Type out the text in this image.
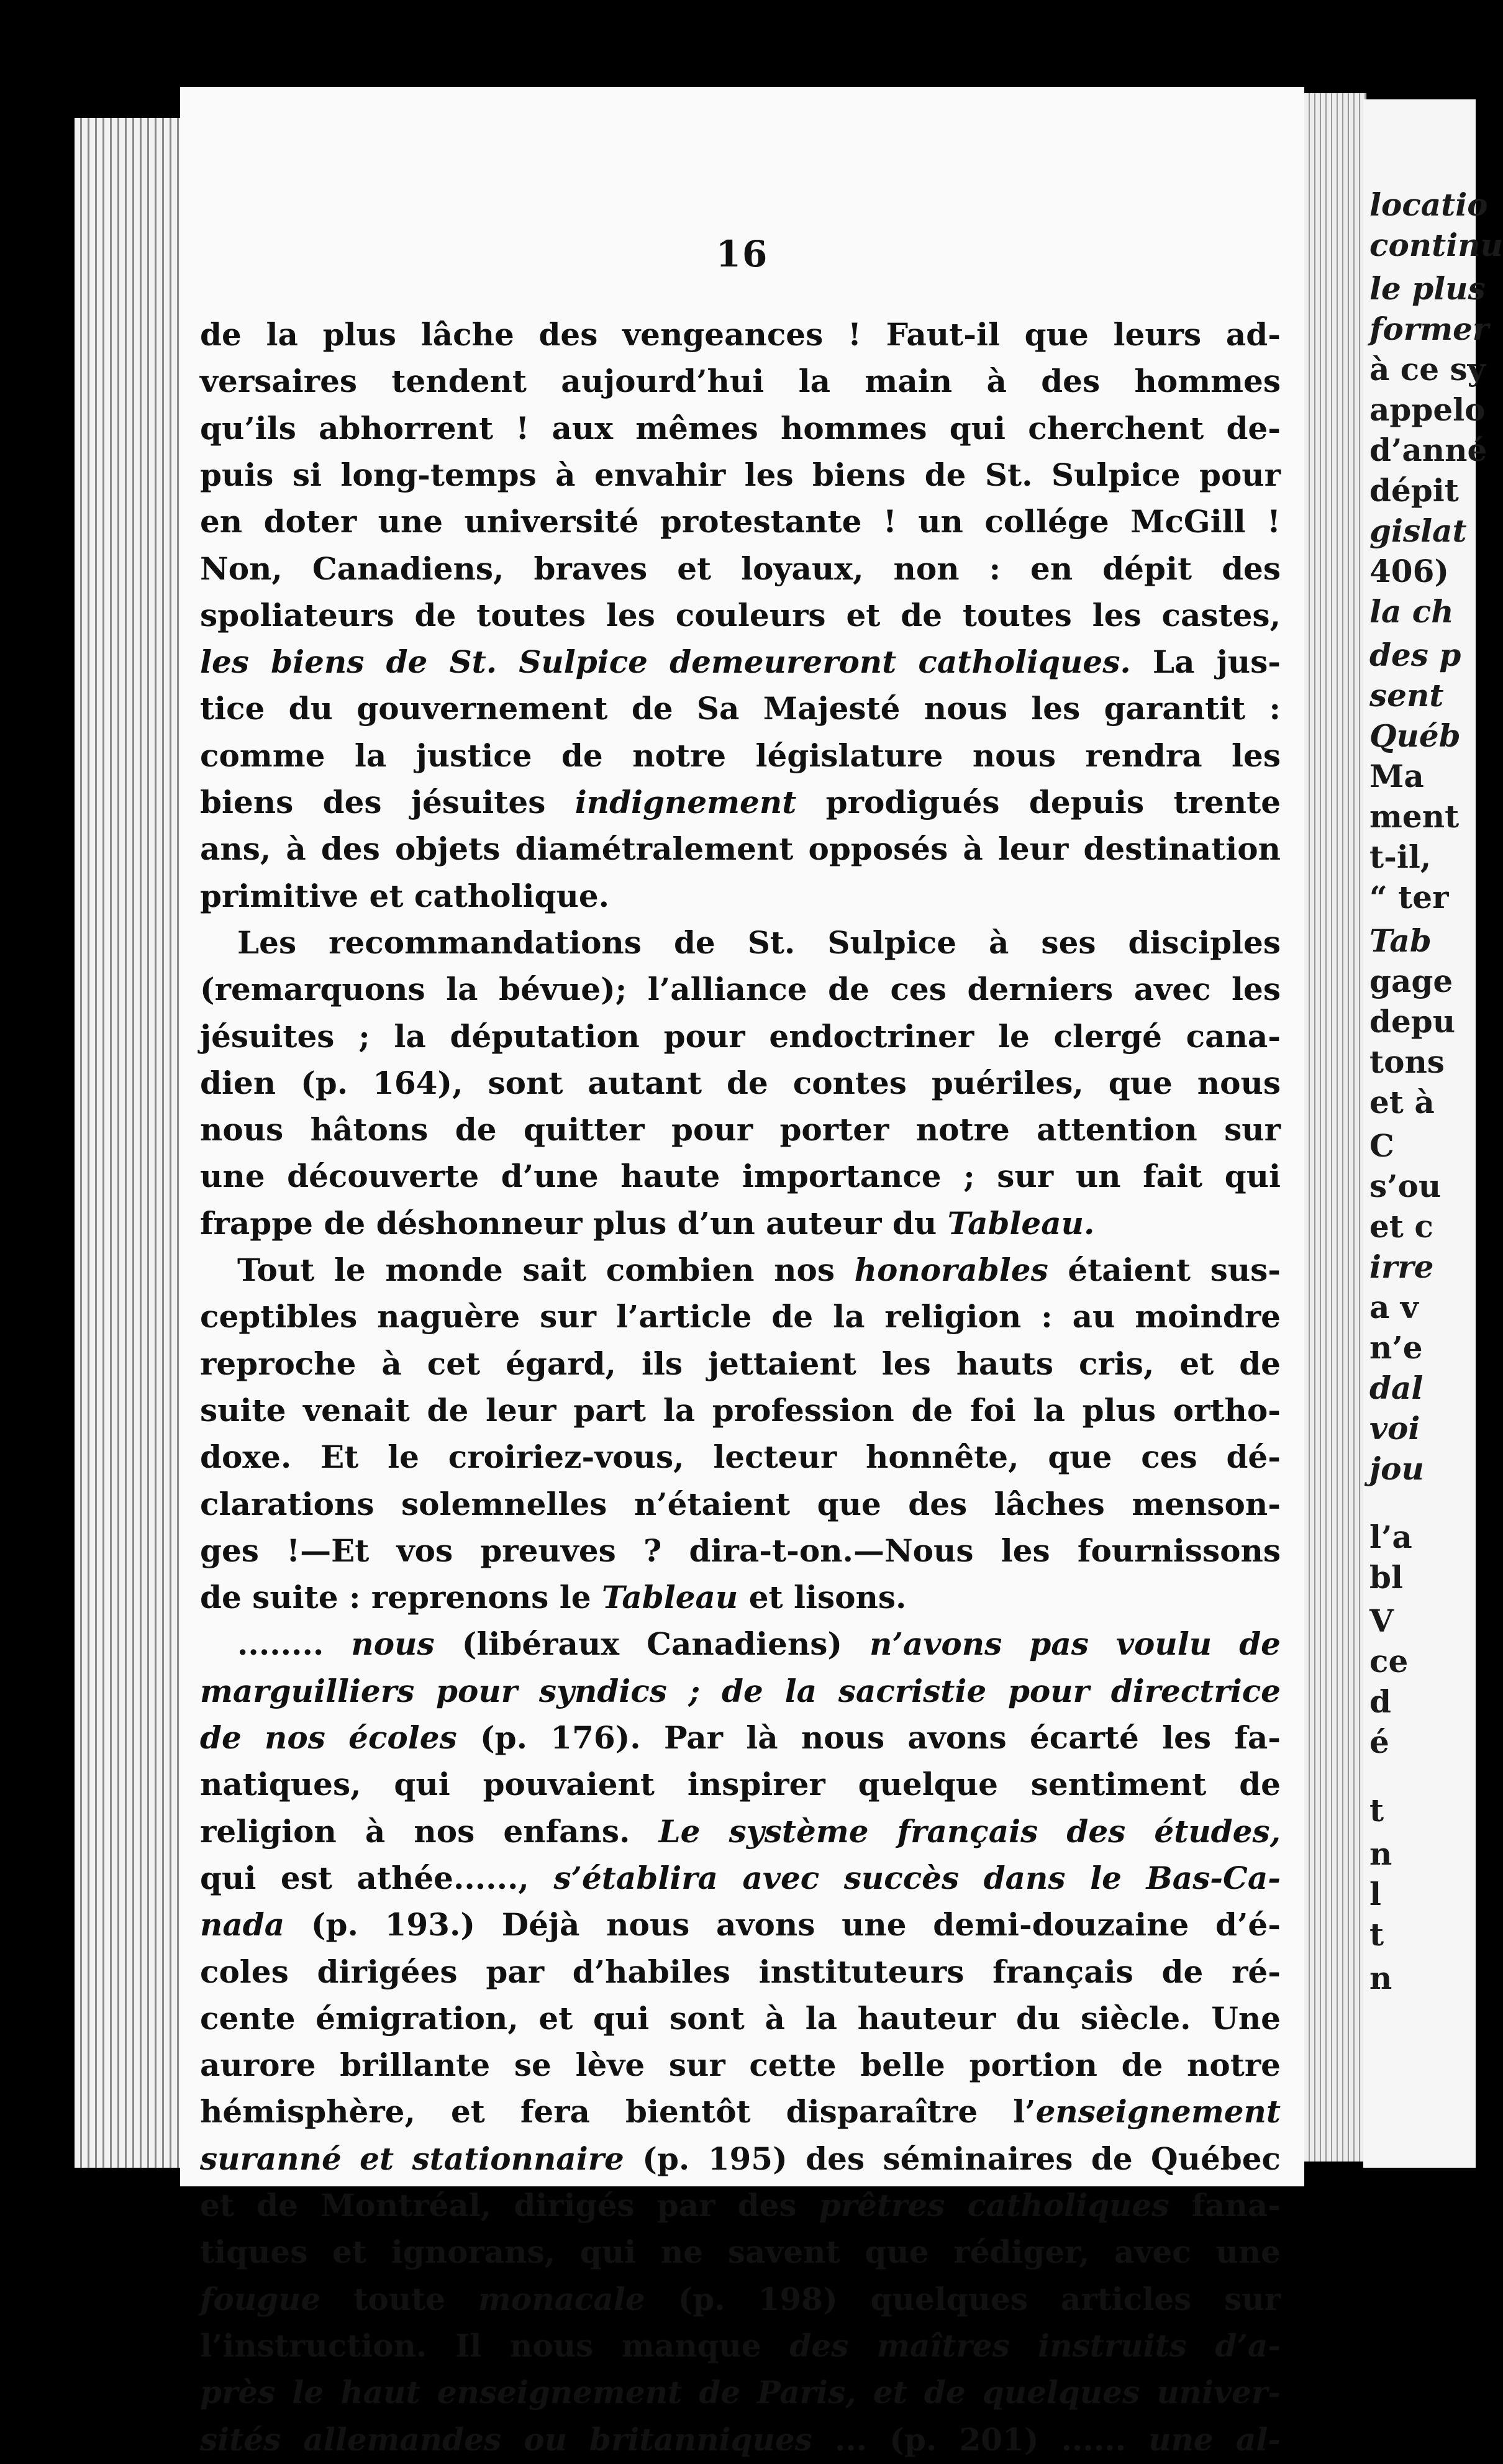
locatio
continu
le plus
former
à ce sy
appelo
d’anné
dépit
gislat
406)
la ch
des p
sent
Québ
Ma
ment
t-il,
“ ter
Tab
gage
depu
tons
et à
C
s’ou
et c
irre
a v
n’e
dal
voi
jou
l’a
bl
V
ce
d
é
t
n
l
t
n
16
de la plus lâche des vengeances ! Faut-il que leurs ad-
versaires tendent aujourd’hui la main à des hommes
qu’ils abhorrent ! aux mêmes hommes qui cherchent de-
puis si long-temps à envahir les biens de St. Sulpice pour
en doter une université protestante ! un collége McGill !
Non, Canadiens, braves et loyaux, non : en dépit des
spoliateurs de toutes les couleurs et de toutes les castes,
les biens de St. Sulpice demeureront catholiques. La jus-
tice du gouvernement de Sa Majesté nous les garantit :
comme la justice de notre législature nous rendra les
biens des jésuites indignement prodigués depuis trente
ans, à des objets diamétralement opposés à leur destination
primitive et catholique.
Les recommandations de St. Sulpice à ses disciples
(remarquons la bévue); l’alliance de ces derniers avec les
jésuites ; la députation pour endoctriner le clergé cana-
dien (p. 164), sont autant de contes puériles, que nous
nous hâtons de quitter pour porter notre attention sur
une découverte d’une haute importance ; sur un fait qui
frappe de déshonneur plus d’un auteur du Tableau.
Tout le monde sait combien nos honorables étaient sus-
ceptibles naguère sur l’article de la religion : au moindre
reproche à cet égard, ils jettaient les hauts cris, et de
suite venait de leur part la profession de foi la plus ortho-
doxe. Et le croiriez-vous, lecteur honnête, que ces dé-
clarations solemnelles n’étaient que des lâches menson-
ges !—Et vos preuves ? dira-t-on.—Nous les fournissons
de suite : reprenons le Tableau et lisons.
........ nous (libéraux Canadiens) n’avons pas voulu de
marguilliers pour syndics ; de la sacristie pour directrice
de nos écoles (p. 176). Par là nous avons écarté les fa-
natiques, qui pouvaient inspirer quelque sentiment de
religion à nos enfans. Le système français des études,
qui est athée......, s’établira avec succès dans le Bas-Ca-
nada (p. 193.) Déjà nous avons une demi-douzaine d’é-
coles dirigées par d’habiles instituteurs français de ré-
cente émigration, et qui sont à la hauteur du siècle. Une
aurore brillante se lève sur cette belle portion de notre
hémisphère, et fera bientôt disparaître l’enseignement
suranné et stationnaire (p. 195) des séminaires de Québec
et de Montréal, dirigés par des prêtres catholiques fana-
tiques et ignorans, qui ne savent que rédiger, avec une
fougue toute monacale (p. 198) quelques articles sur
l’instruction. Il nous manque des maîtres instruits d’a-
près le haut enseignement de Paris, et de quelques univer-
sités allemandes ou britanniques ... (p. 201) ...... une al-
